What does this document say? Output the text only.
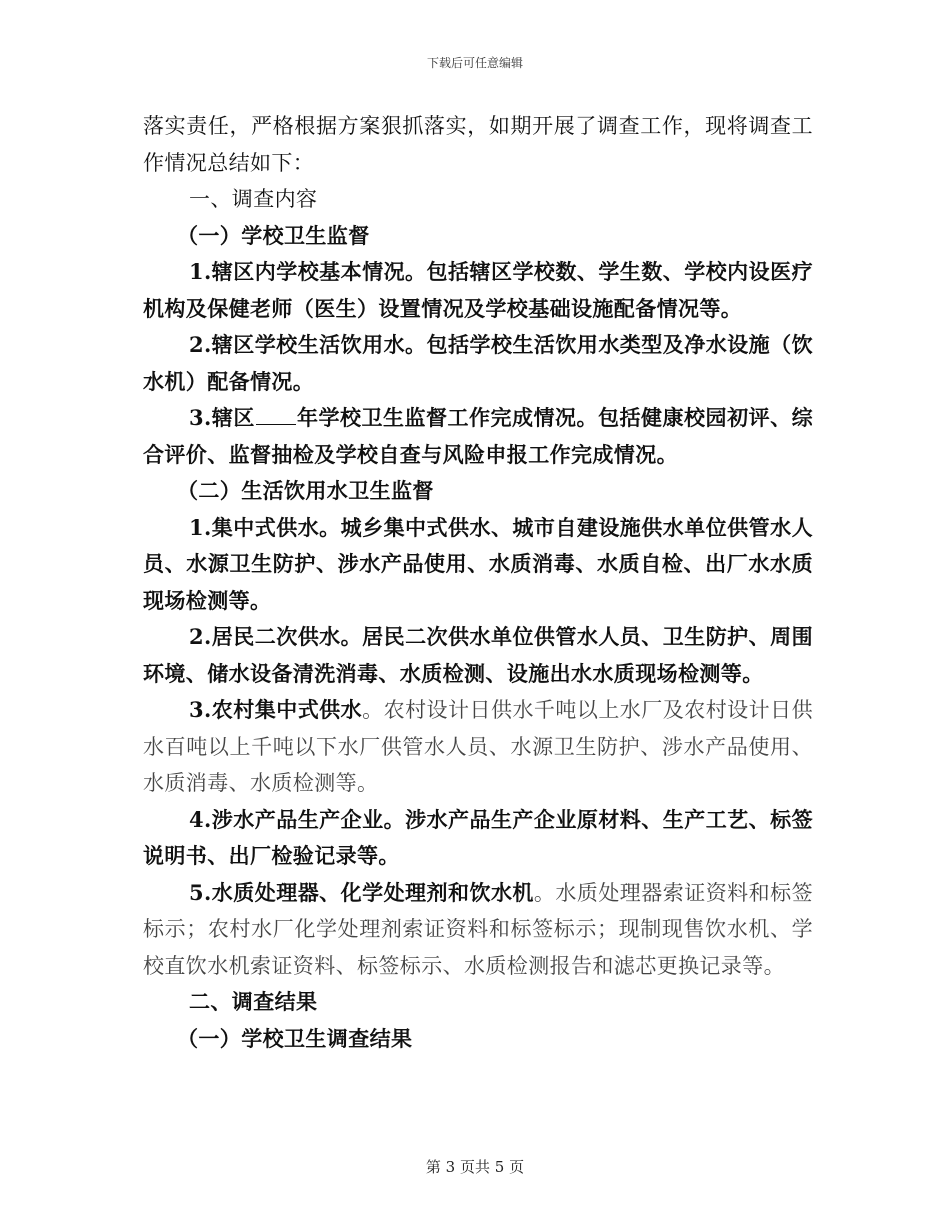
下载后可任意编辑

落实责任，严格根据方案狠抓落实，如期开展了调查工作，现将调查工作情况总结如下：

一、调查内容

（一）学校卫生监督

1.辖区内学校基本情况。包括辖区学校数、学生数、学校内设医疗机构及保健老师（医生）设置情况及学校基础设施配备情况等。

2.辖区学校生活饮用水。包括学校生活饮用水类型及净水设施（饮水机）配备情况。

3.辖区 年学校卫生监督工作完成情况。包括健康校园初评、综合评价、监督抽检及学校自查与风险申报工作完成情况。

（二）生活饮用水卫生监督

1.集中式供水。城乡集中式供水、城市自建设施供水单位供管水人员、水源卫生防护、涉水产品使用、水质消毒、水质自检、出厂水水质现场检测等。

2.居民二次供水。居民二次供水单位供管水人员、卫生防护、周围环境、储水设备清洗消毒、水质检测、设施出水水质现场检测等。

3.农村集中式供水。农村设计日供水千吨以上水厂及农村设计日供水百吨以上千吨以下水厂供管水人员、水源卫生防护、涉水产品使用、水质消毒、水质检测等。

4.涉水产品生产企业。涉水产品生产企业原材料、生产工艺、标签说明书、出厂检验记录等。

5.水质处理器、化学处理剂和饮水机。水质处理器索证资料和标签标示；农村水厂化学处理剂索证资料和标签标示；现制现售饮水机、学校直饮水机索证资料、标签标示、水质检测报告和滤芯更换记录等。

二、调查结果

（一）学校卫生调查结果

第 3 页共 5 页
